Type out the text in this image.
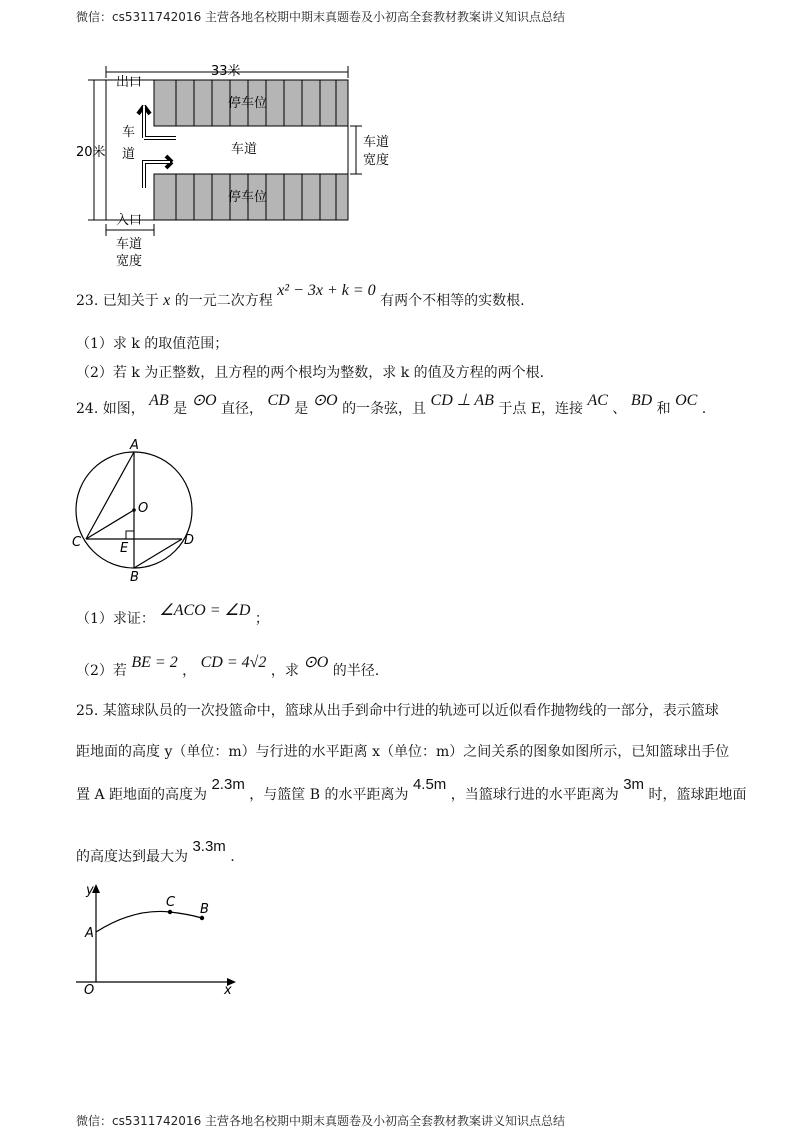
微信：cs5311742016 主营各地名校期中期末真题卷及小初高全套教材教案讲义知识点总结
33米
20米
停车位
停车位
出口
入口
车道
车
道
车道
宽度
车道
宽度
23. 已知关于 x 的一元二次方程 x² − 3x + k = 0 有两个不相等的实数根.
（1）求 k 的取值范围；
（2）若 k 为正整数，且方程的两个根均为整数，求 k 的值及方程的两个根.
24. 如图， AB 是 ⊙O 直径， CD 是 ⊙O 的一条弦，且 CD ⊥ AB 于点 E，连接 AC 、 BD 和 OC .
A
O
C	E
D
B
（1）求证： ∠ACO = ∠D ；
（2）若 BE = 2 ， CD = 4√2 ，求 ⊙O 的半径.
25. 某篮球队员的一次投篮命中，篮球从出手到命中行进的轨迹可以近似看作抛物线的一部分，表示篮球
距地面的高度 y（单位：m）与行进的水平距离 x（单位：m）之间关系的图象如图所示，已知篮球出手位
置 A 距地面的高度为 2.3m ，与篮筐 B 的水平距离为 4.5m ，当篮球行进的水平距离为 3m 时，篮球距地面
的高度达到最大为 3.3m .
y
x
O
A
C B
微信：cs5311742016 主营各地名校期中期末真题卷及小初高全套教材教案讲义知识点总结
